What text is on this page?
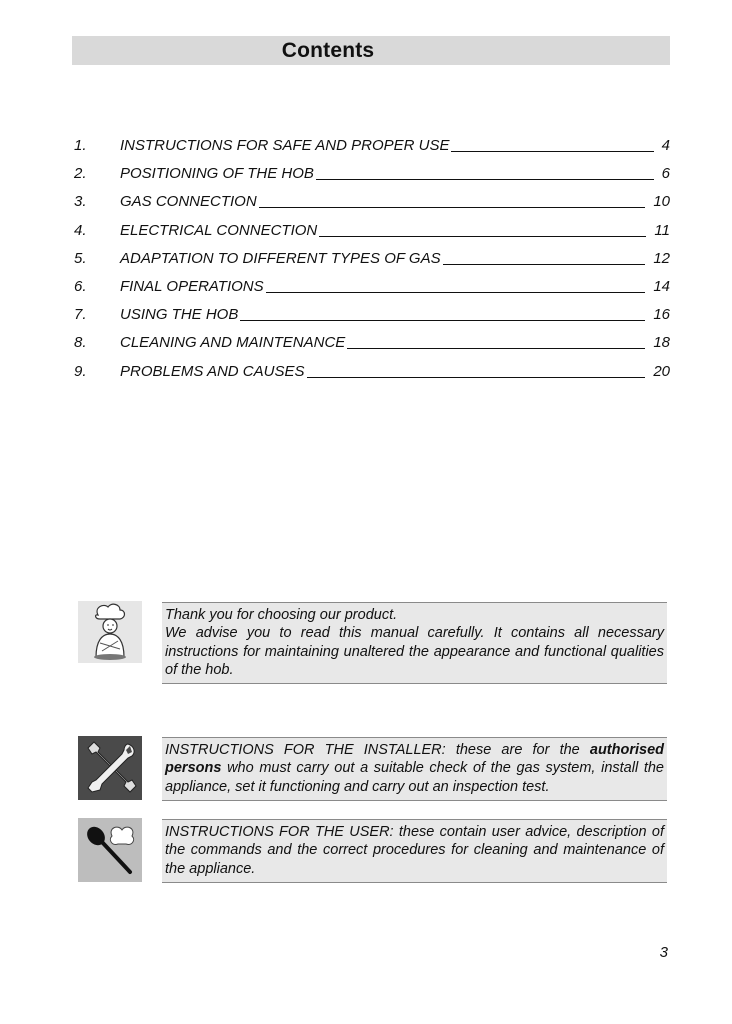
Contents
1. INSTRUCTIONS FOR SAFE AND PROPER USE	4
2. POSITIONING OF THE HOB	6
3. GAS CONNECTION	10
4. ELECTRICAL CONNECTION	11
5. ADAPTATION TO DIFFERENT TYPES OF GAS	12
6. FINAL OPERATIONS	14
7. USING THE HOB	16
8. CLEANING AND MAINTENANCE	18
9. PROBLEMS AND CAUSES	20

Thank you for choosing our product.

We advise you to read this manual carefully. It contains all necessary instructions for maintaining unaltered the appearance and functional qualities of the hob.

INSTRUCTIONS FOR THE INSTALLER: these are for the authorised persons who must carry out a suitable check of the gas system, install the appliance, set it functioning and carry out an inspection test.

INSTRUCTIONS FOR THE USER: these contain user advice, description of the commands and the correct procedures for cleaning and maintenance of the appliance.

3
